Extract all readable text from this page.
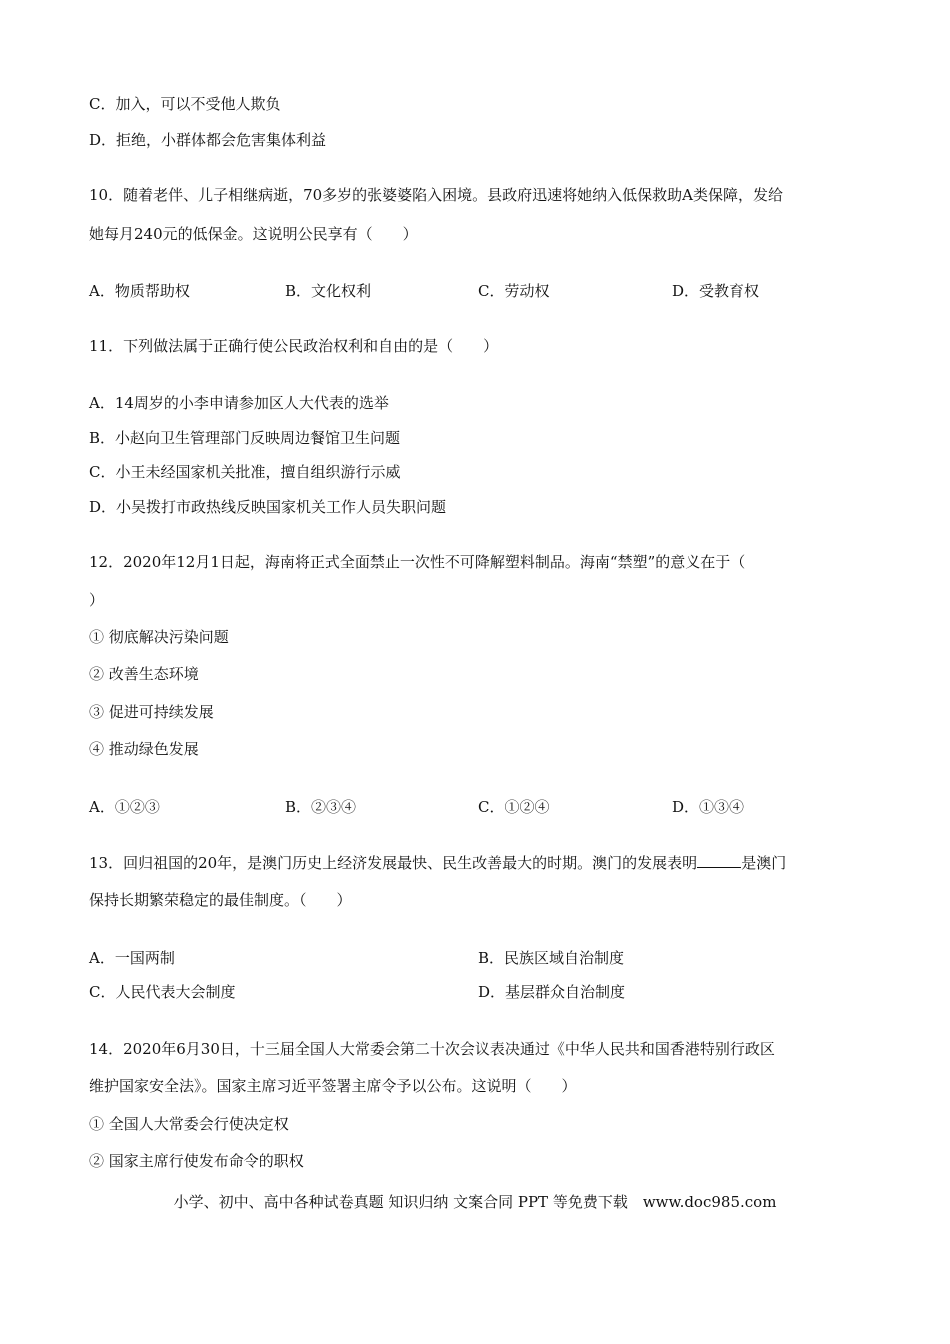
C．加入，可以不受他人欺负
D．拒绝，小群体都会危害集体利益
10．随着老伴、儿子相继病逝，70多岁的张婆婆陷入困境。县政府迅速将她纳入低保救助A类保障，发给
她每月240元的低保金。这说明公民享有（　　）
A．物质帮助权	B．文化权利	C．劳动权	D．受教育权
11．下列做法属于正确行使公民政治权利和自由的是（　　）
A．14周岁的小李申请参加区人大代表的选举
B．小赵向卫生管理部门反映周边餐馆卫生问题
C．小王未经国家机关批准，擅自组织游行示威
D．小吴拨打市政热线反映国家机关工作人员失职问题
12．2020年12月1日起，海南将正式全面禁止一次性不可降解塑料制品。海南“禁塑”的意义在于（
）
① 彻底解决污染问题
② 改善生态环境
③ 促进可持续发展
④ 推动绿色发展
A．①②③	B．②③④	C．①②④	D．①③④
13．回归祖国的20年，是澳门历史上经济发展最快、民生改善最大的时期。澳门的发展表明	是澳门
保持长期繁荣稳定的最佳制度。（　　）
A．一国两制	B．民族区域自治制度
C．人民代表大会制度	D．基层群众自治制度
14．2020年6月30日，十三届全国人大常委会第二十次会议表决通过《中华人民共和国香港特别行政区
维护国家安全法》。国家主席习近平签署主席令予以公布。这说明（　　）
① 全国人大常委会行使决定权
② 国家主席行使发布命令的职权
小学、初中、高中各种试卷真题 知识归纳 文案合同 PPT 等免费下载　www.doc985.com
